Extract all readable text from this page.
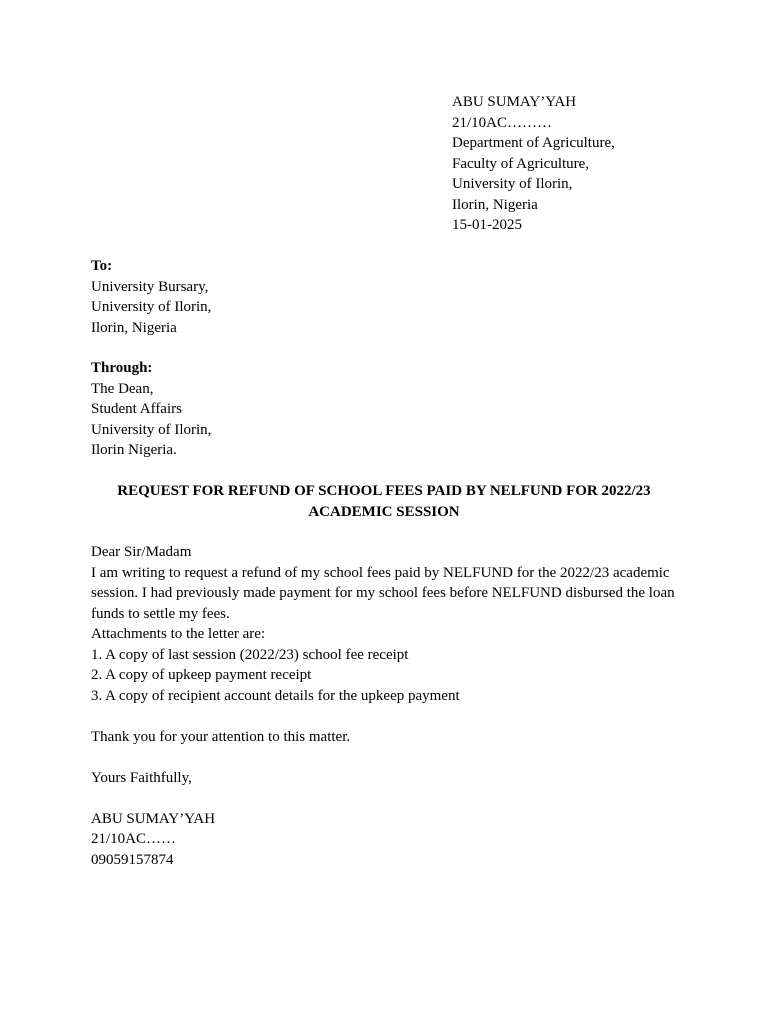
ABU SUMAY’YAH
21/10AC………
Department of Agriculture,
Faculty of Agriculture,
University of Ilorin,
Ilorin, Nigeria
15-01-2025
To:
University Bursary,
University of Ilorin,
Ilorin, Nigeria
Through:
The Dean,
Student Affairs
University of Ilorin,
Ilorin Nigeria.
REQUEST FOR REFUND OF SCHOOL FEES PAID BY NELFUND FOR 2022/23 ACADEMIC SESSION
Dear Sir/Madam
I am writing to request a refund of my school fees paid by NELFUND for the 2022/23 academic session. I had previously made payment for my school fees before NELFUND disbursed the loan funds to settle my fees.
Attachments to the letter are:
1. A copy of last session (2022/23) school fee receipt
2. A copy of upkeep payment receipt
3. A copy of recipient account details for the upkeep payment
Thank you for your attention to this matter.
Yours Faithfully,
ABU SUMAY’YAH
21/10AC……
09059157874
